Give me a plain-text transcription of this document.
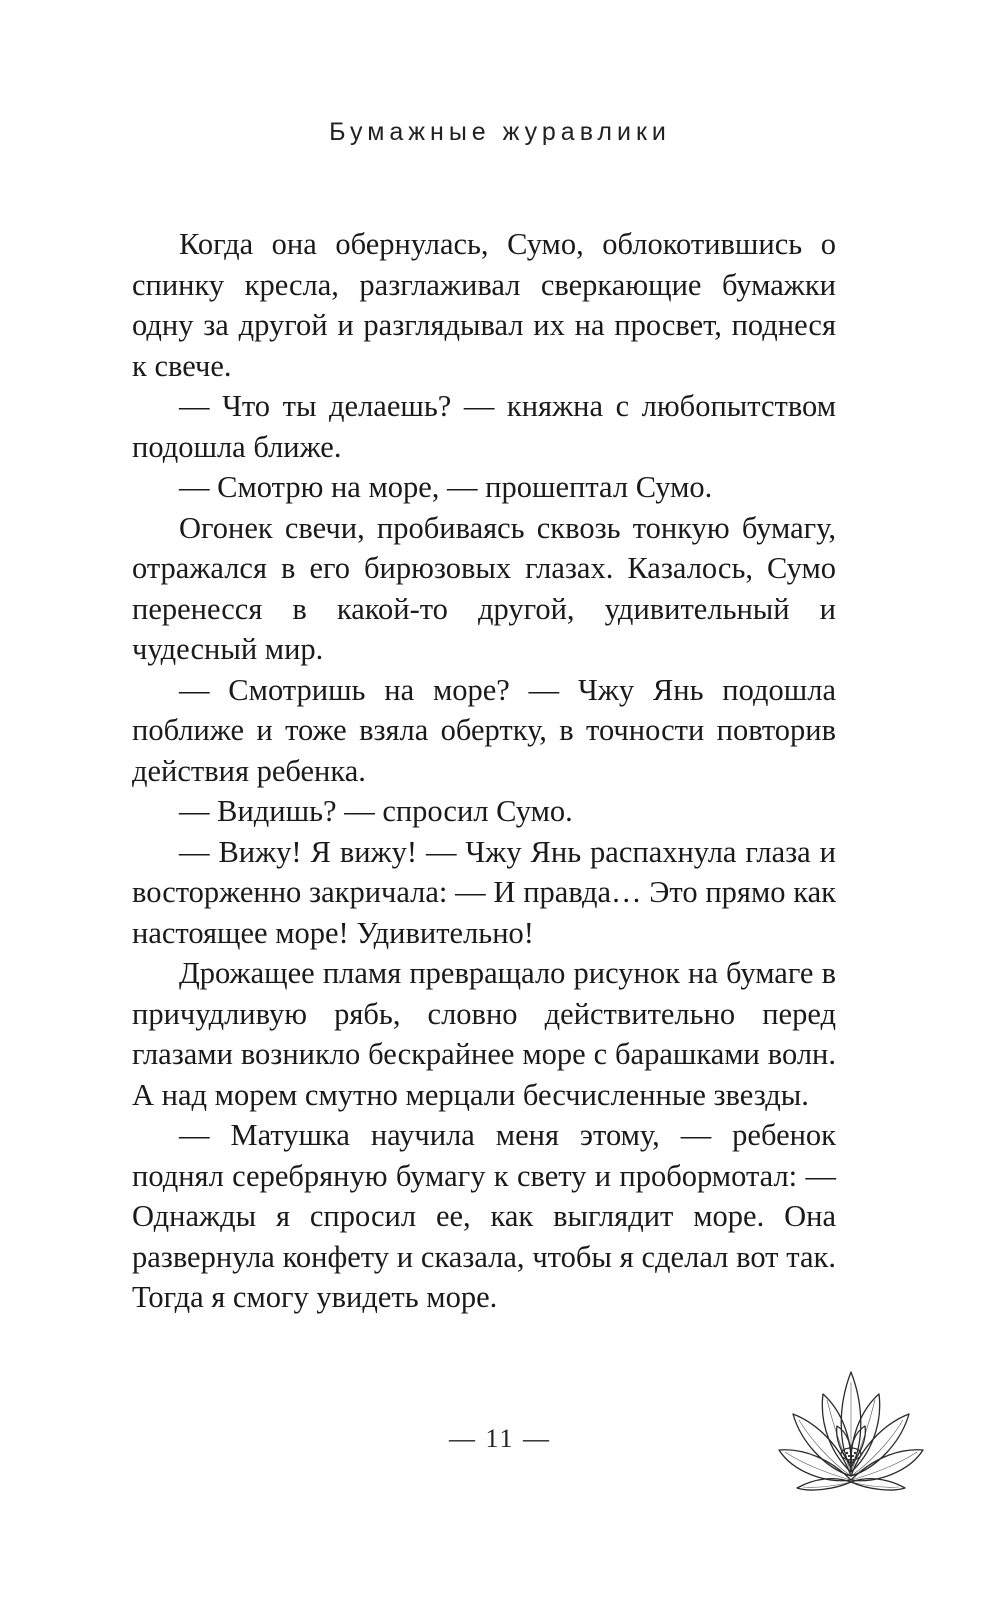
Бумажные журавлики

Когда она обернулась, Сумо, облокотившись о спинку кресла, разглаживал сверкающие бумажки одну за другой и разглядывал их на просвет, поднеся к свече.

— Что ты делаешь? — княжна с любопытством подошла ближе.

— Смотрю на море, — прошептал Сумо.

Огонек свечи, пробиваясь сквозь тонкую бумагу, отражался в его бирюзовых глазах. Казалось, Сумо перенесся в какой-то другой, удивительный и чудесный мир.

— Смотришь на море? — Чжу Янь подошла поближе и тоже взяла обертку, в точности повторив действия ребенка.

— Видишь? — спросил Сумо.

— Вижу! Я вижу! — Чжу Янь распахнула глаза и восторженно закричала: — И правда… Это прямо как настоящее море! Удивительно!

Дрожащее пламя превращало рисунок на бумаге в причудливую рябь, словно действительно перед глазами возникло бескрайнее море с барашками волн. А над морем смутно мерцали бесчисленные звезды.

— Матушка научила меня этому, — ребенок поднял серебряную бумагу к свету и пробормотал: — Однажды я спросил ее, как выглядит море. Она развернула конфету и сказала, чтобы я сделал вот так. Тогда я смогу увидеть море.

— 11 —
